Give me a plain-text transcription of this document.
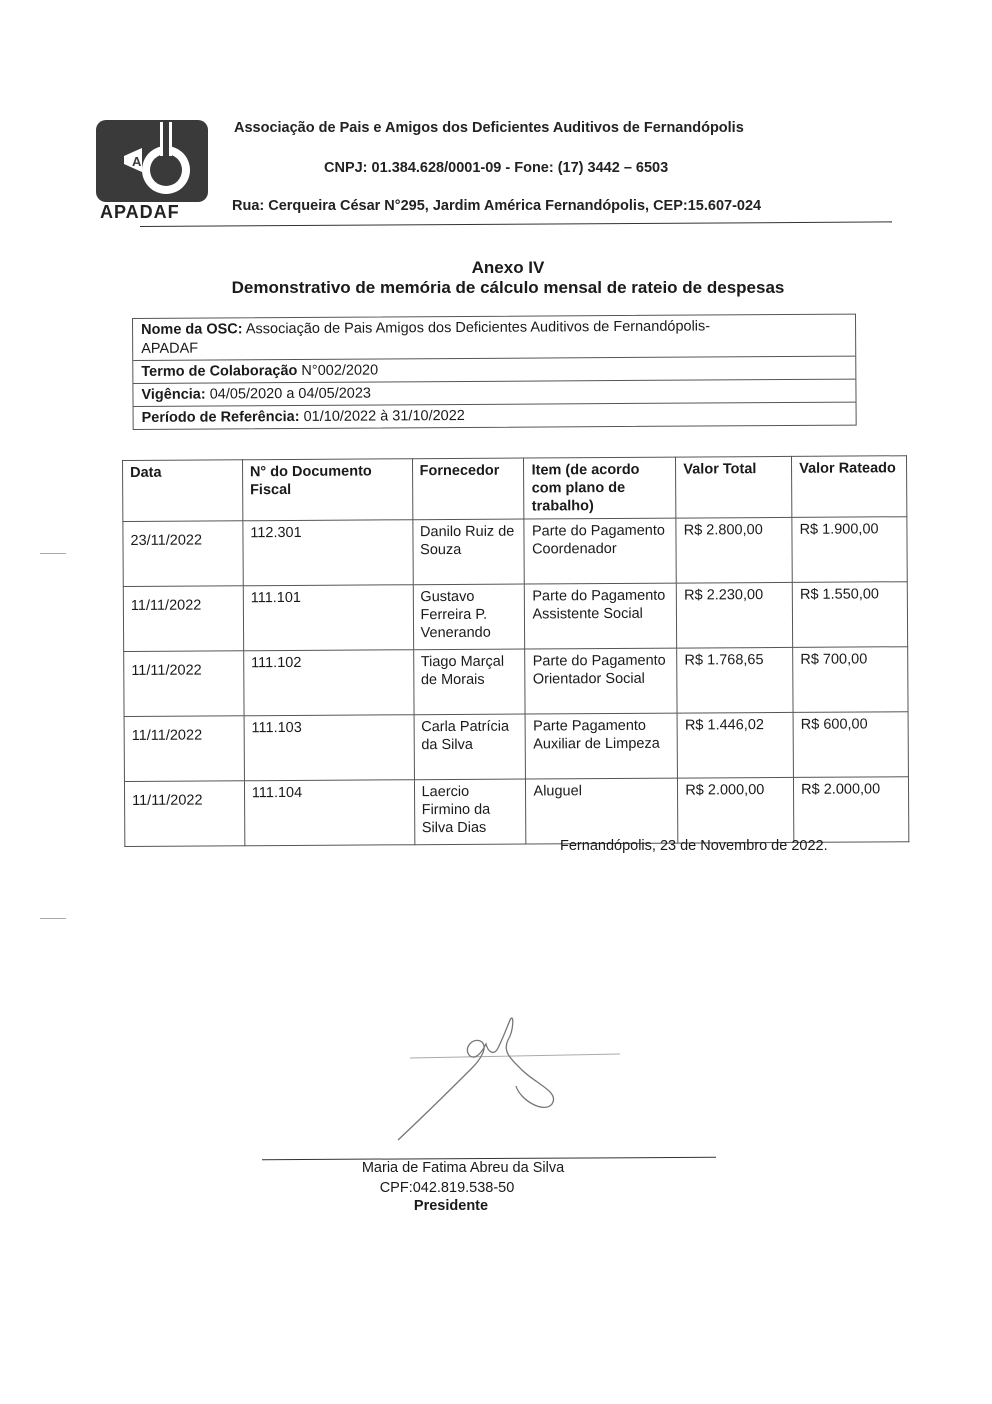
A
APADAF
Associação de Pais e Amigos dos Deficientes Auditivos de Fernandópolis
CNPJ: 01.384.628/0001-09 - Fone: (17) 3442 – 6503
Rua: Cerqueira César N°295, Jardim América Fernandópolis, CEP:15.607-024
Anexo IV
Demonstrativo de memória de cálculo mensal de rateio de despesas
Nome da OSC: Associação de Pais Amigos dos Deficientes Auditivos de Fernandópolis-
APADAF
Termo de Colaboração N°002/2020
Vigência: 04/05/2020 a 04/05/2023
Período de Referência: 01/10/2022 à 31/10/2022
Data	N° do Documento Fiscal	Fornecedor	Item (de acordo com plano de trabalho)	Valor Total	Valor Rateado
23/11/2022	112.301	Danilo Ruiz de Souza	Parte do Pagamento Coordenador	R$ 2.800,00	R$ 1.900,00
11/11/2022	111.101	Gustavo Ferreira P. Venerando	Parte do Pagamento Assistente Social	R$ 2.230,00	R$ 1.550,00
11/11/2022	111.102	Tiago Marçal de Morais	Parte do Pagamento Orientador Social	R$ 1.768,65	R$ 700,00
11/11/2022	111.103	Carla Patrícia da Silva	Parte Pagamento Auxiliar de Limpeza	R$ 1.446,02	R$ 600,00
11/11/2022	111.104	Laercio Firmino da Silva Dias	Aluguel	R$ 2.000,00	R$ 2.000,00
Fernandópolis, 23 de Novembro de 2022.
Maria de Fatima Abreu da Silva
CPF:042.819.538-50
Presidente
